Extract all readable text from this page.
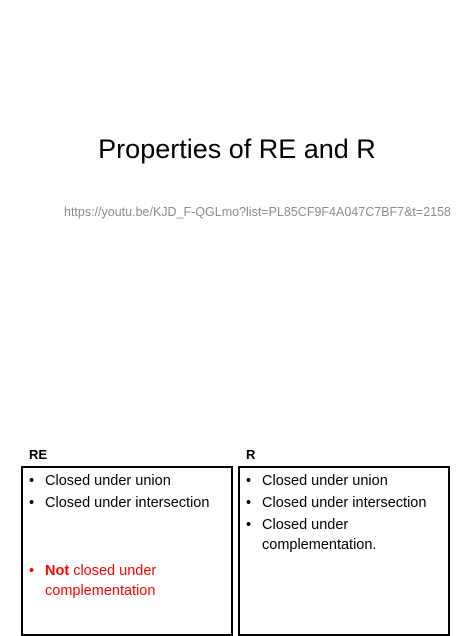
Properties of RE and R
https://youtu.be/KJD_F-QGLmo?list=PL85CF9F4A047C7BF7&t=2158
RE	R
• Closed under union
• Closed under intersection
• Not closed under complementation
• Closed under union
• Closed under intersection
• Closed under complementation.
